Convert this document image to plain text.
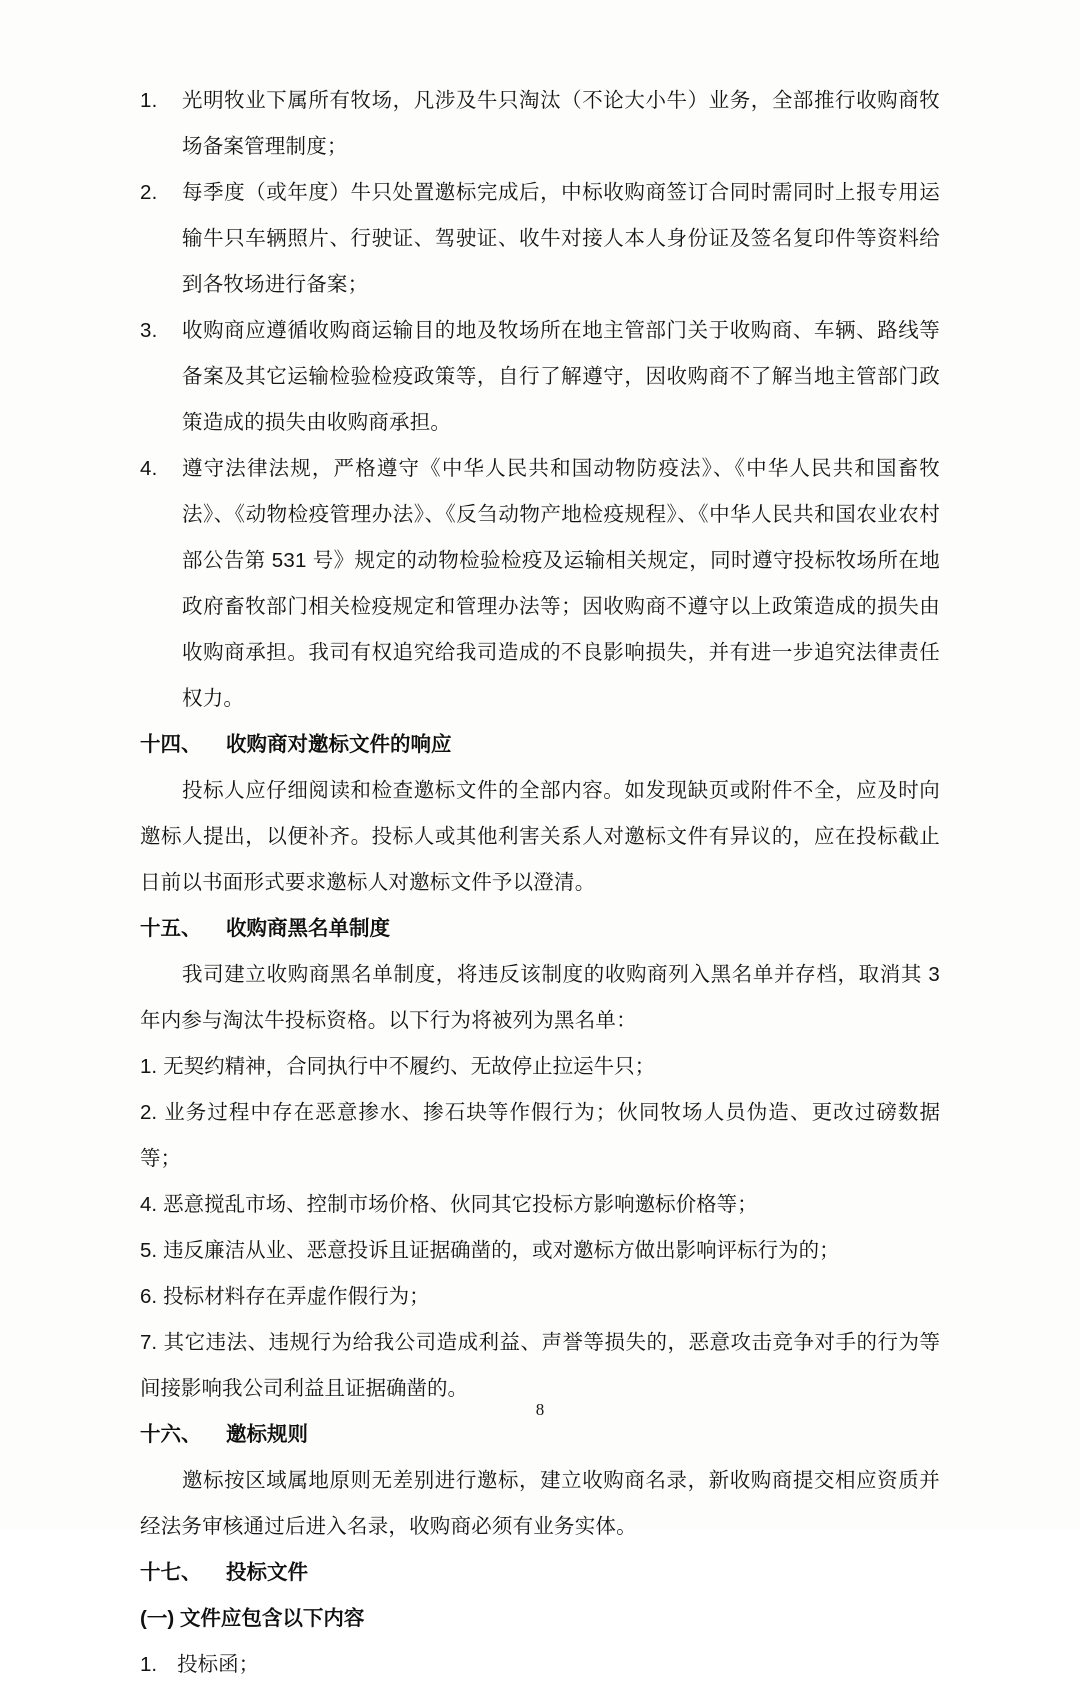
1.	光明牧业下属所有牧场，凡涉及牛只淘汰（不论大小牛）业务，全部推行收购商牧场备案管理制度；
2.	每季度（或年度）牛只处置邀标完成后，中标收购商签订合同时需同时上报专用运输牛只车辆照片、行驶证、驾驶证、收牛对接人本人身份证及签名复印件等资料给到各牧场进行备案；
3.	收购商应遵循收购商运输目的地及牧场所在地主管部门关于收购商、车辆、路线等备案及其它运输检验检疫政策等，自行了解遵守，因收购商不了解当地主管部门政策造成的损失由收购商承担。
4.	遵守法律法规，严格遵守《中华人民共和国动物防疫法》、《中华人民共和国畜牧法》、《动物检疫管理办法》、《反刍动物产地检疫规程》、《中华人民共和国农业农村部公告第 531 号》规定的动物检验检疫及运输相关规定，同时遵守投标牧场所在地政府畜牧部门相关检疫规定和管理办法等；因收购商不遵守以上政策造成的损失由收购商承担。我司有权追究给我司造成的不良影响损失，并有进一步追究法律责任权力。
十四、	收购商对邀标文件的响应
投标人应仔细阅读和检查邀标文件的全部内容。如发现缺页或附件不全，应及时向邀标人提出，以便补齐。投标人或其他利害关系人对邀标文件有异议的，应在投标截止日前以书面形式要求邀标人对邀标文件予以澄清。
十五、	收购商黑名单制度
我司建立收购商黑名单制度，将违反该制度的收购商列入黑名单并存档，取消其 3 年内参与淘汰牛投标资格。以下行为将被列为黑名单：
1. 无契约精神，合同执行中不履约、无故停止拉运牛只；
2. 业务过程中存在恶意掺水、掺石块等作假行为；伙同牧场人员伪造、更改过磅数据等；
4. 恶意搅乱市场、控制市场价格、伙同其它投标方影响邀标价格等；
5. 违反廉洁从业、恶意投诉且证据确凿的，或对邀标方做出影响评标行为的；
6. 投标材料存在弄虚作假行为；
7. 其它违法、违规行为给我公司造成利益、声誉等损失的，恶意攻击竞争对手的行为等间接影响我公司利益且证据确凿的。
十六、	邀标规则
邀标按区域属地原则无差别进行邀标，建立收购商名录，新收购商提交相应资质并经法务审核通过后进入名录，收购商必须有业务实体。
十七、	投标文件
(一) 文件应包含以下内容
1. 投标函；
8
